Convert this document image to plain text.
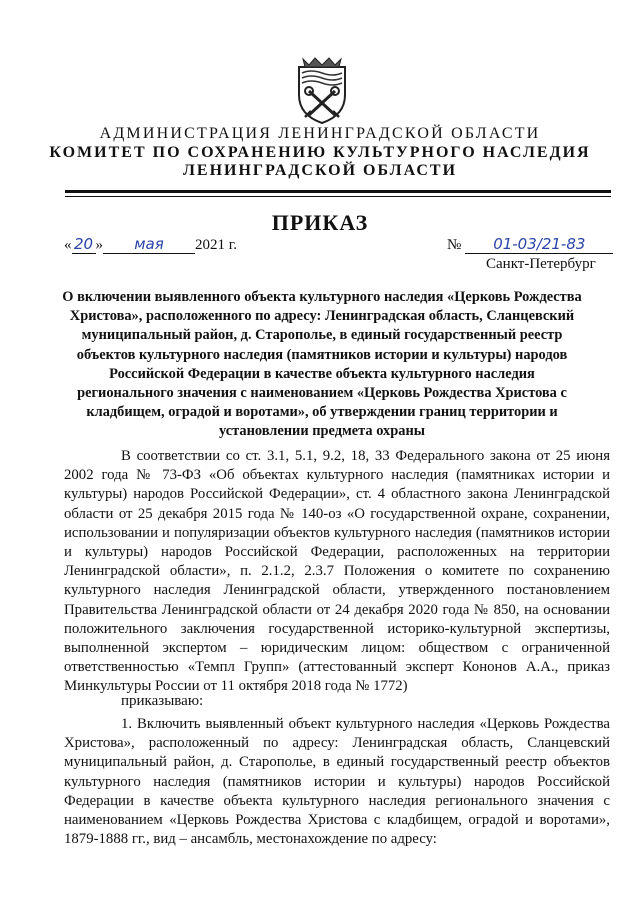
АДМИНИСТРАЦИЯ ЛЕНИНГРАДСКОЙ ОБЛАСТИ
КОМИТЕТ ПО СОХРАНЕНИЮ КУЛЬТУРНОГО НАСЛЕДИЯ
ЛЕНИНГРАДСКОЙ ОБЛАСТИ
ПРИКАЗ
« 20 » мая 2021 г.	№ 01-03/21-83
Санкт-Петербург
О включении выявленного объекта культурного наследия «Церковь Рождества Христова», расположенного по адресу: Ленинградская область, Сланцевский муниципальный район, д. Старополье, в единый государственный реестр объектов культурного наследия (памятников истории и культуры) народов Российской Федерации в качестве объекта культурного наследия регионального значения с наименованием «Церковь Рождества Христова с кладбищем, оградой и воротами», об утверждении границ территории и установлении предмета охраны

В соответствии со ст. 3.1, 5.1, 9.2, 18, 33 Федерального закона от 25 июня 2002 года № 73-ФЗ «Об объектах культурного наследия (памятниках истории и культуры) народов Российской Федерации», ст. 4 областного закона Ленинградской области от 25 декабря 2015 года № 140-оз «О государственной охране, сохранении, использовании и популяризации объектов культурного наследия (памятников истории и культуры) народов Российской Федерации, расположенных на территории Ленинградской области», п. 2.1.2, 2.3.7 Положения о комитете по сохранению культурного наследия Ленинградской области, утвержденного постановлением Правительства Ленинградской области от 24 декабря 2020 года № 850, на основании положительного заключения государственной историко-культурной экспертизы, выполненной экспертом – юридическим лицом: обществом с ограниченной ответственностью «Темпл Групп» (аттестованный эксперт Кононов А.А., приказ Минкультуры России от 11 октября 2018 года № 1772)

приказываю:

1. Включить выявленный объект культурного наследия «Церковь Рождества Христова», расположенный по адресу: Ленинградская область, Сланцевский муниципальный район, д. Старополье, в единый государственный реестр объектов культурного наследия (памятников истории и культуры) народов Российской Федерации в качестве объекта культурного наследия регионального значения с наименованием «Церковь Рождества Христова с кладбищем, оградой и воротами», 1879-1888 гг., вид – ансамбль, местонахождение по адресу:
